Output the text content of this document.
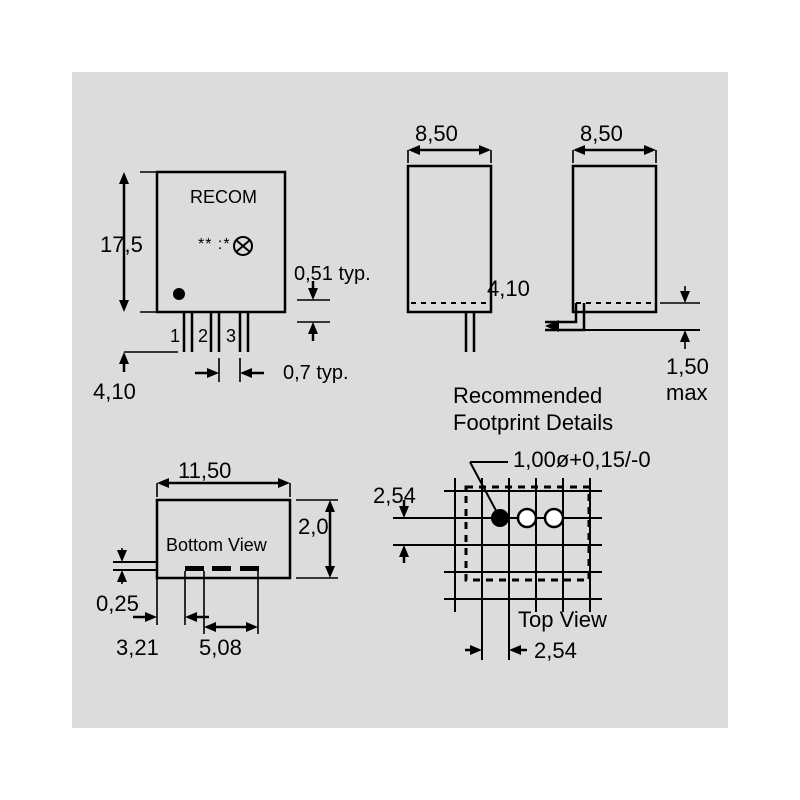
RECOM
** :*
17,5
4,10
0,51 typ.
0,7 typ.
1 2 3
8,50	8,50
4,10
1,50
max
11,50
Bottom View
2,0
0,25
3,21 5,08
Recommended
Footprint Details
1,00ø+0,15/-0
2,54
2,54
Top View
